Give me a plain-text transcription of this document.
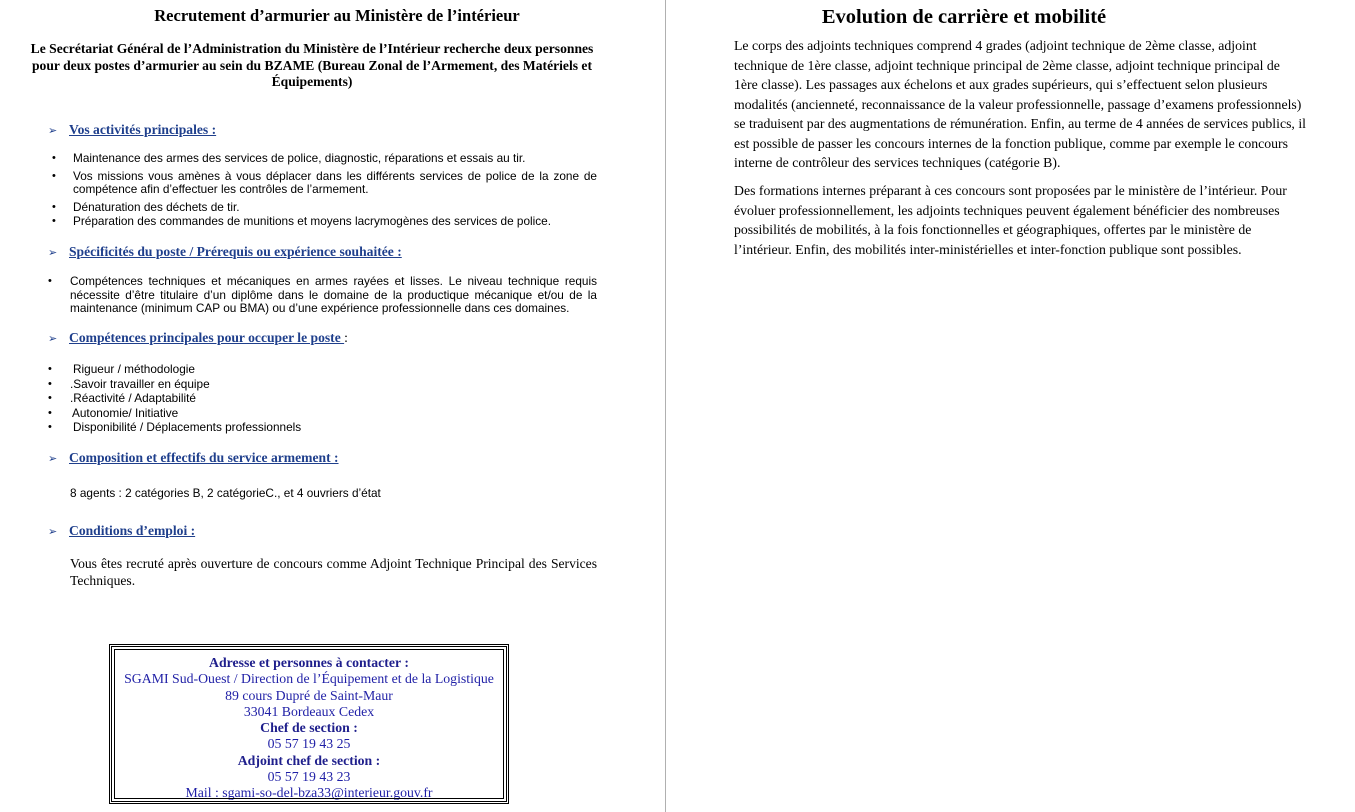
Recrutement d’armurier au Ministère de l’intérieur
Le Secrétariat Général de l’Administration du Ministère de l’Intérieur recherche deux personnes pour deux postes d’armurier au sein du BZAME (Bureau Zonal de l’Armement, des Matériels et Équipements)
➢ Vos activités principales :
• Maintenance des armes des services de police, diagnostic, réparations et essais au tir.
• Vos missions vous amènes à vous déplacer dans les différents services de police de la zone de compétence afin d’effectuer les contrôles de l’armement.
• Dénaturation des déchets de tir.
• Préparation des commandes de munitions et moyens lacrymogènes des services de police.
➢ Spécificités du poste / Prérequis ou expérience souhaitée :
• Compétences techniques et mécaniques en armes rayées et lisses. Le niveau technique requis nécessite d’être titulaire d’un diplôme dans le domaine de la productique mécanique et/ou de la maintenance (minimum CAP ou BMA) ou d’une expérience professionnelle dans ces domaines.
➢ Compétences principales pour occuper le poste :
• Rigueur / méthodologie
• .Savoir travailler en équipe
• .Réactivité / Adaptabilité
• Autonomie/ Initiative
• Disponibilité / Déplacements professionnels
➢ Composition et effectifs du service armement :
8 agents : 2 catégories B, 2 catégorieC., et 4 ouvriers d’état
➢ Conditions d’emploi :
Vous êtes recruté après ouverture de concours comme Adjoint Technique Principal des Services Techniques.
Adresse et personnes à contacter :
SGAMI Sud-Ouest / Direction de l’Équipement et de la Logistique
89 cours Dupré de Saint-Maur
33041 Bordeaux Cedex
Chef de section :
05 57 19 43 25
Adjoint chef de section :
05 57 19 43 23
Mail : sgami-so-del-bza33@interieur.gouv.fr
Evolution de carrière et mobilité
Le corps des adjoints techniques comprend 4 grades (adjoint technique de 2ème classe, adjoint technique de 1ère classe, adjoint technique principal de 2ème classe, adjoint technique principal de 1ère classe). Les passages aux échelons et aux grades supérieurs, qui s’effectuent selon plusieurs modalités (ancienneté, reconnaissance de la valeur professionnelle, passage d’examens professionnels) se traduisent par des augmentations de rémunération. Enfin, au terme de 4 années de services publics, il est possible de passer les concours internes de la fonction publique, comme par exemple le concours interne de contrôleur des services techniques (catégorie B).
Des formations internes préparant à ces concours sont proposées par le ministère de l’intérieur. Pour évoluer professionnellement, les adjoints techniques peuvent également bénéficier des nombreuses possibilités de mobilités, à la fois fonctionnelles et géographiques, offertes par le ministère de l’intérieur. Enfin, des mobilités inter-ministérielles et inter-fonction publique sont possibles.
